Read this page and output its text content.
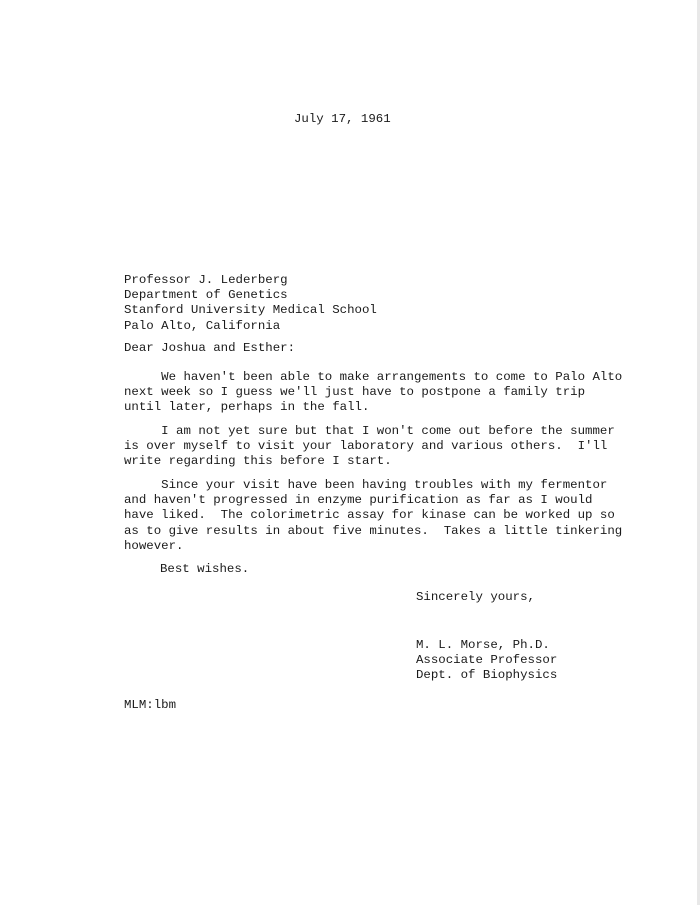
July 17, 1961
Professor J. Lederberg
Department of Genetics
Stanford University Medical School
Palo Alto, California
Dear Joshua and Esther:
We haven't been able to make arrangements to come to Palo Alto
next week so I guess we'll just have to postpone a family trip
until later, perhaps in the fall.
I am not yet sure but that I won't come out before the summer
is over myself to visit your laboratory and various others.  I'll
write regarding this before I start.
Since your visit have been having troubles with my fermentor
and haven't progressed in enzyme purification as far as I would
have liked.  The colorimetric assay for kinase can be worked up so
as to give results in about five minutes.  Takes a little tinkering
however.
Best wishes.
Sincerely yours,
M. L. Morse, Ph.D.
Associate Professor
Dept. of Biophysics
MLM:lbm
